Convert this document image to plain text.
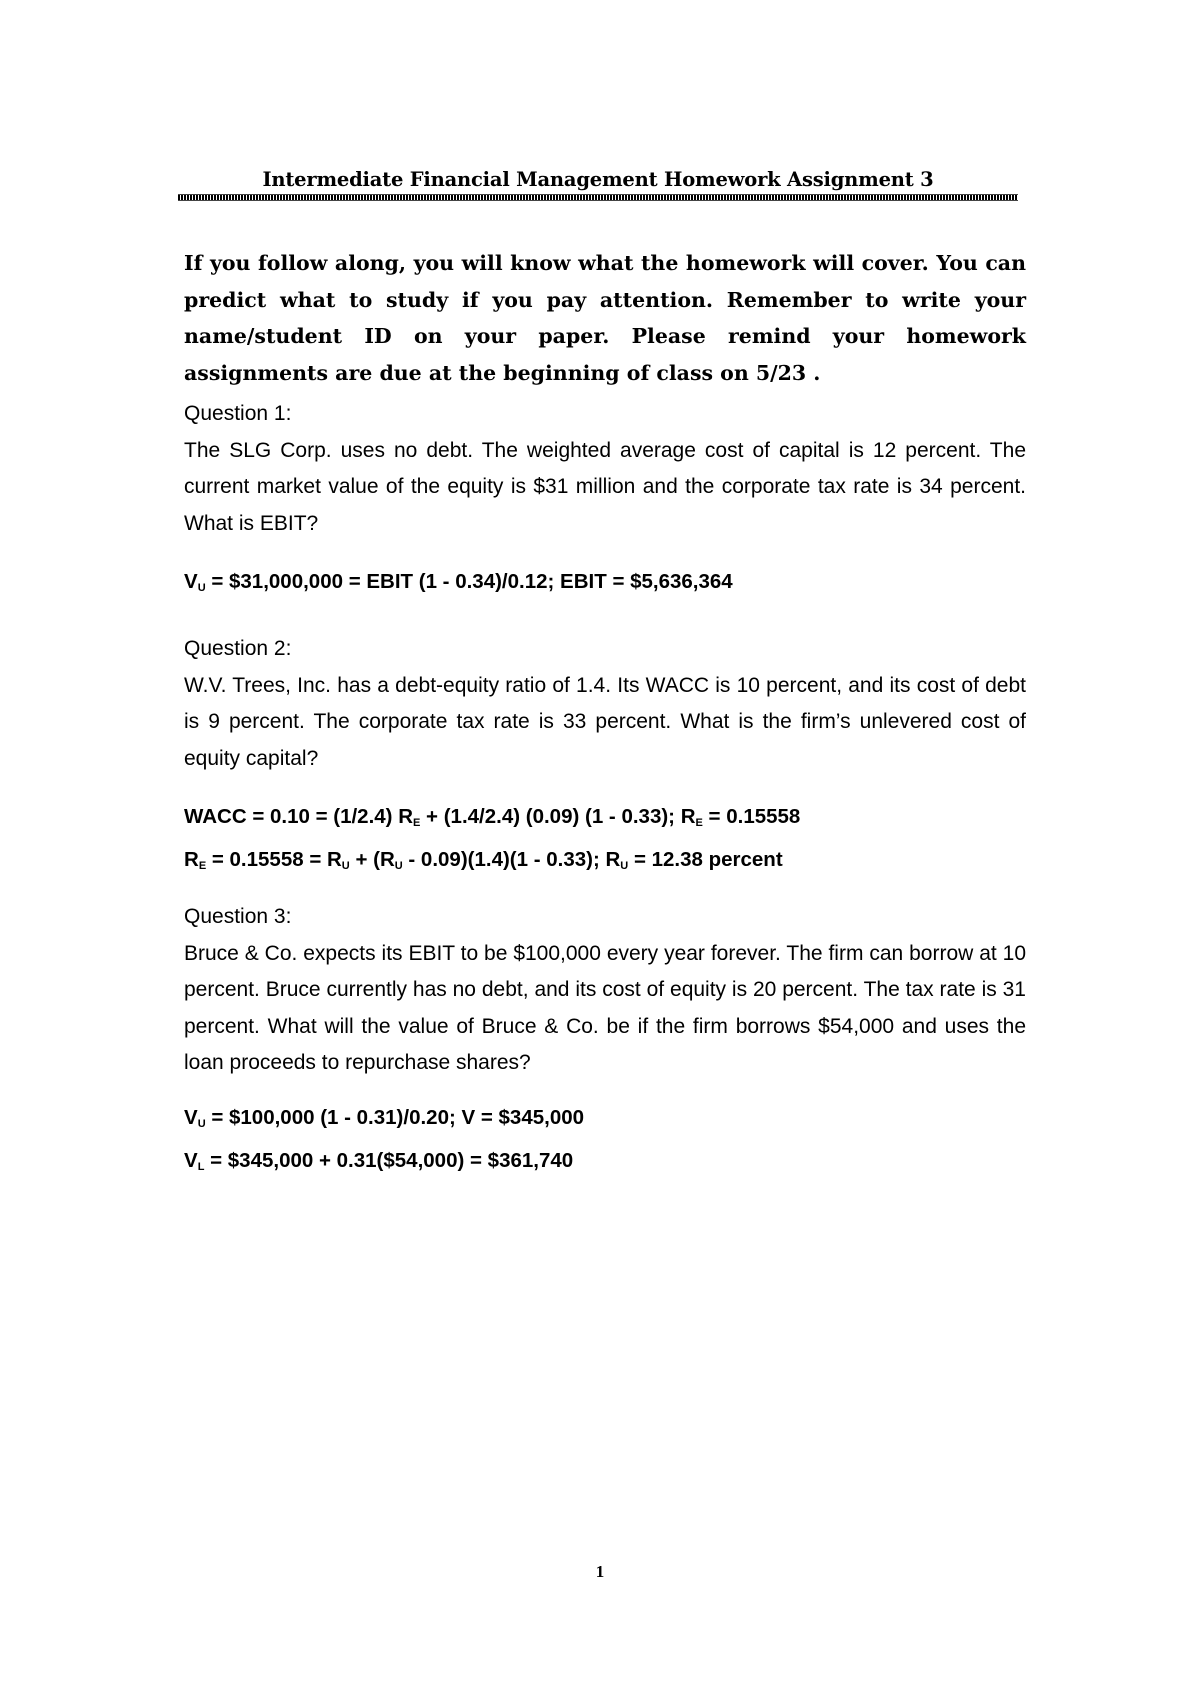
Intermediate Financial Management Homework Assignment 3
If you follow along, you will know what the homework will cover. You can predict what to study if you pay attention. Remember to write your name/student ID on your paper. Please remind your homework assignments are due at the beginning of class on 5/23 .
Question 1:
The SLG Corp. uses no debt. The weighted average cost of capital is 12 percent. The current market value of the equity is $31 million and the corporate tax rate is 34 percent. What is EBIT?
$V_U$ = $31,000,000 = EBIT (1 - 0.34)/0.12; EBIT = $5,636,364
Question 2:
W.V. Trees, Inc. has a debt-equity ratio of 1.4. Its WACC is 10 percent, and its cost of debt is 9 percent. The corporate tax rate is 33 percent. What is the firm’s unlevered cost of equity capital?
WACC = 0.10 = (1/2.4) $R_E + (1.4/2.4)$ (0.09) (1 - 0.33); $R_E = 0.15558$
$R_E = 0.15558 = R_U + (R_U - 0.09)(1.4)(1 - 0.33)$; $R_U = 12.38$ percent
Question 3:
Bruce & Co. expects its EBIT to be $100,000 every year forever. The firm can borrow at 10 percent. Bruce currently has no debt, and its cost of equity is 20 percent. The tax rate is 31 percent. What will the value of Bruce & Co. be if the firm borrows $54,000 and uses the loan proceeds to repurchase shares?
$V_U$ = $100,000 (1 - 0.31)/0.20; V = $345,000
$V_L$ = $345,000 + 0.31($54,000) = $361,740
1
